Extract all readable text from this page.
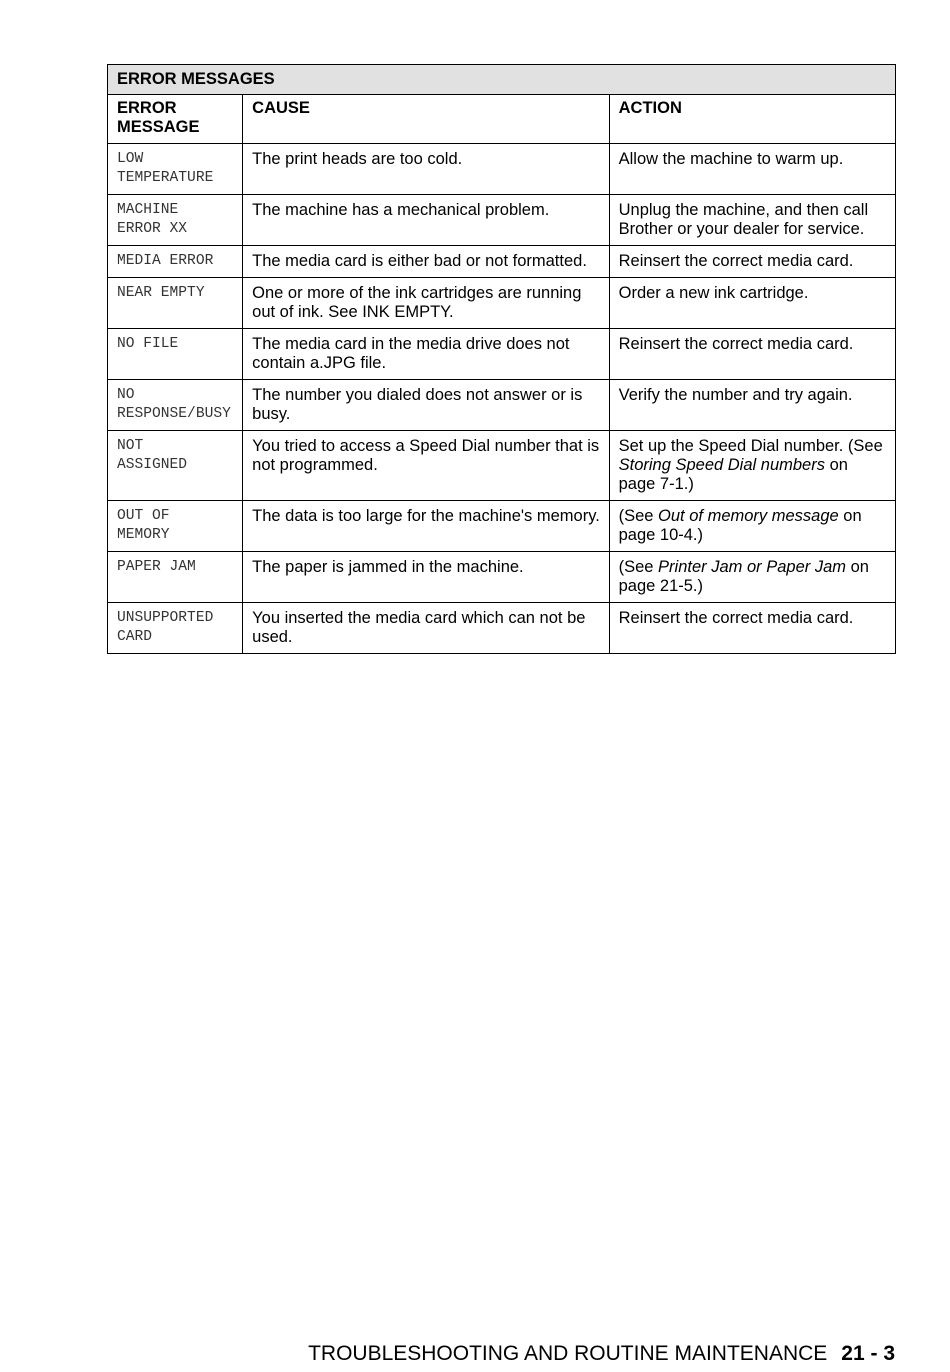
ERROR MESSAGES		
ERROR
MESSAGE	CAUSE	ACTION
LOW
TEMPERATURE	The print heads are too cold.	Allow the machine to warm up.
MACHINE
ERROR XX	The machine has a mechanical problem.	Unplug the machine, and then call Brother or your dealer for service.
MEDIA ERROR	The media card is either bad or not formatted.	Reinsert the correct media card.
NEAR EMPTY	One or more of the ink cartridges are running out of ink. See INK EMPTY.	Order a new ink cartridge.
NO FILE	The media card in the media drive does not contain a.JPG file.	Reinsert the correct media card.
NO
RESPONSE/BUSY	The number you dialed does not answer or is busy.	Verify the number and try again.
NOT
ASSIGNED	You tried to access a Speed Dial number that is not programmed.	Set up the Speed Dial number. (See Storing Speed Dial numbers on page 7-1.)
OUT OF
MEMORY	The data is too large for the machine's memory.	(See Out of memory message on page 10-4.)
PAPER JAM	The paper is jammed in the machine.	(See Printer Jam or Paper Jam on page 21-5.)
UNSUPPORTED
CARD	You inserted the media card which can not be used.	Reinsert the correct media card.
TROUBLESHOOTING AND ROUTINE MAINTENANCE 21 - 3
